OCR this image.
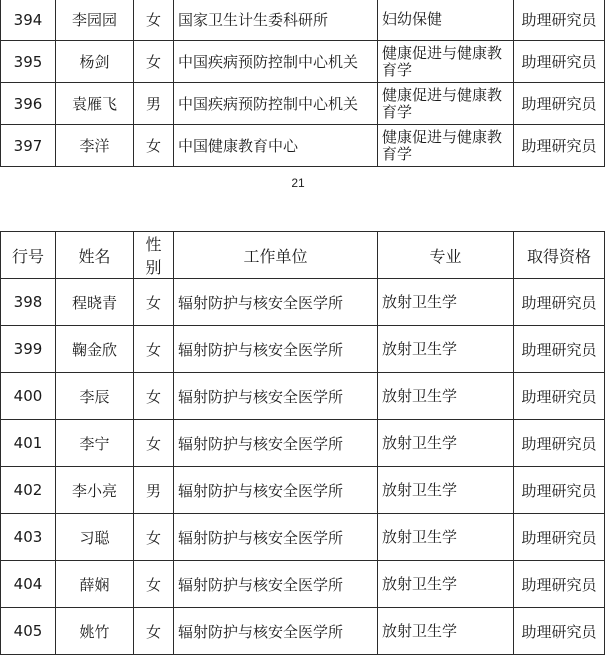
394	李园园	女	国家卫生计生委科研所	妇幼保健	助理研究员
395	杨剑	女	中国疾病预防控制中心机关	健康促进与健康教育学	助理研究员
396	袁雁飞	男	中国疾病预防控制中心机关	健康促进与健康教育学	助理研究员
397	李洋	女	中国健康教育中心	健康促进与健康教育学	助理研究员
21
行号	姓名	性别	工作单位	专业	取得资格
398	程晓青	女	辐射防护与核安全医学所	放射卫生学	助理研究员
399	鞠金欣	女	辐射防护与核安全医学所	放射卫生学	助理研究员
400	李辰	女	辐射防护与核安全医学所	放射卫生学	助理研究员
401	李宁	女	辐射防护与核安全医学所	放射卫生学	助理研究员
402	李小亮	男	辐射防护与核安全医学所	放射卫生学	助理研究员
403	习聪	女	辐射防护与核安全医学所	放射卫生学	助理研究员
404	薛娴	女	辐射防护与核安全医学所	放射卫生学	助理研究员
405	姚竹	女	辐射防护与核安全医学所	放射卫生学	助理研究员
